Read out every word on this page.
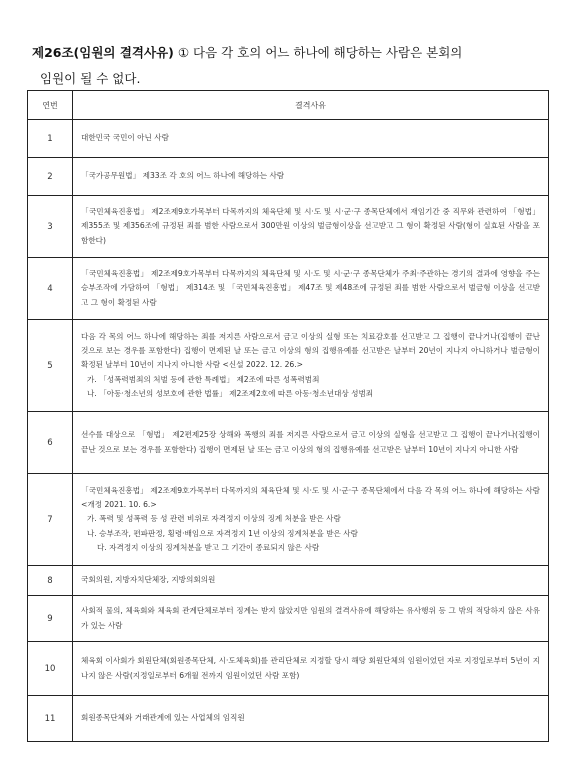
제26조(임원의 결격사유) ① 다음 각 호의 어느 하나에 해당하는 사람은 본회의
임원이 될 수 없다.
연번	결격사유
1	대한민국 국민이 아닌 사람

2	「국가공무원법」 제33조 각 호의 어느 하나에 해당하는 사람

3	「국민체육진흥법」 제2조제9호가목부터 다목까지의 체육단체 및 시·도 및 시·군·구 종목단체에서 재임기간 중 직무와 관련하여 「형법」 제355조 및 제356조에 규정된 죄를 범한 사람으로서 300만원 이상의 벌금형이상을 선고받고 그 형이 확정된 사람(형이 실효된 사람을 포함한다)

4	「국민체육진흥법」 제2조제9호가목부터 다목까지의 체육단체 및 시·도 및 시·군·구 종목단체가 주최·주관하는 경기의 결과에 영향을 주는 승부조작에 가담하여 「형법」 제314조 및 「국민체육진흥법」 제47조 및 제48조에 규정된 죄를 범한 사람으로서 벌금형 이상을 선고받고 그 형이 확정된 사람

5	다음 각 목의 어느 하나에 해당하는 죄를 저지른 사람으로서 금고 이상의 실형 또는 치료감호를 선고받고 그 집행이 끝나거나(집행이 끝난 것으로 보는 경우를 포함한다) 집행이 면제된 날 또는 금고 이상의 형의 집행유예를 선고받은 날부터 20년이 지나지 아니하거나 벌금형이 확정된 날부터 10년이 지나지 아니한 사람 <신설 2022. 12. 26.>
가. 「성폭력범죄의 처벌 등에 관한 특례법」 제2조에 따른 성폭력범죄
나. 「아동·청소년의 성보호에 관한 법률」 제2조제2호에 따른 아동·청소년대상 성범죄

6	선수를 대상으로 「형법」 제2편제25장 상해와 폭행의 죄를 저지른 사람으로서 금고 이상의 실형을 선고받고 그 집행이 끝나거나(집행이 끝난 것으로 보는 경우를 포함한다) 집행이 면제된 날 또는 금고 이상의 형의 집행유예를 선고받은 날부터 10년이 지나지 아니한 사람

7	「국민체육진흥법」 제2조제9호가목부터 다목까지의 체육단체 및 시·도 및 시·군·구 종목단체에서 다음 각 목의 어느 하나에 해당하는 사람 <개정 2021. 10. 6.>
가. 폭력 및 성폭력 등 성 관련 비위로 자격정지 이상의 징계 처분을 받은 사람
나. 승부조작, 편파판정, 횡령·배임으로 자격정지 1년 이상의 징계처분을 받은 사람
다. 자격정지 이상의 징계처분을 받고 그 기간이 종료되지 않은 사람

8	국회의원, 지방자치단체장, 지방의회의원

9	사회적 물의, 체육회와 체육회 관계단체로부터 징계는 받지 않았지만 임원의 결격사유에 해당하는 유사행위 등 그 밖의 적당하지 않은 사유가 있는 사람

10	체육회 이사회가 회원단체(회원종목단체, 시·도체육회)를 관리단체로 지정할 당시 해당 회원단체의 임원이었던 자로 지정일로부터 5년이 지나지 않은 사람(지정일로부터 6개월 전까지 임원이었던 사람 포함)

11	회원종목단체와 거래관계에 있는 사업체의 임직원
